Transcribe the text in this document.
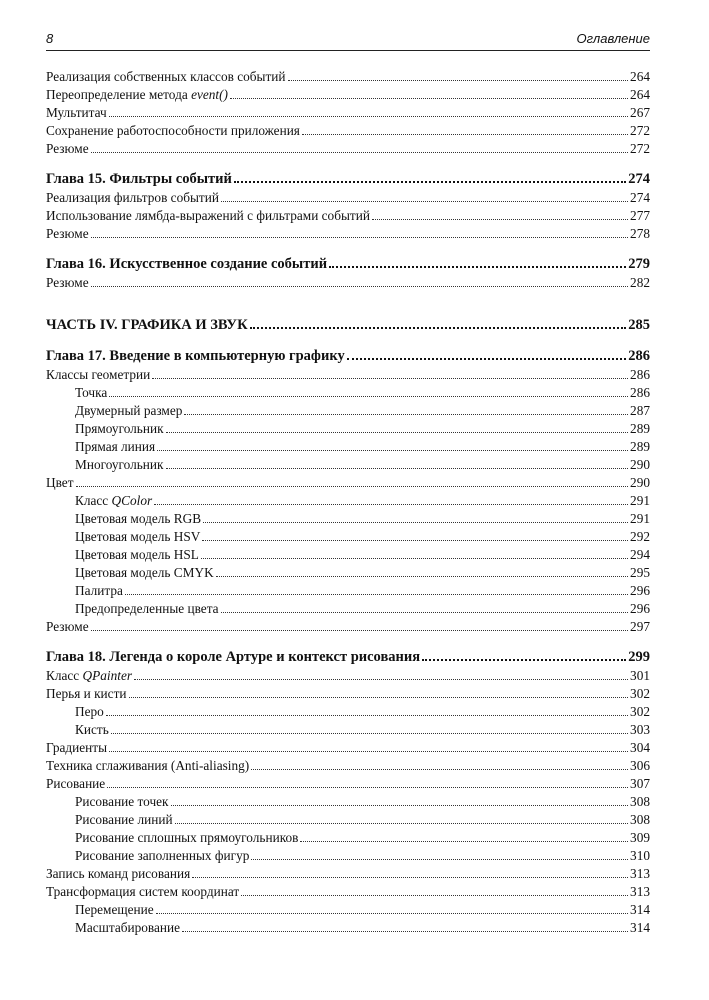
8	Оглавление
Реализация собственных классов событий	264
Переопределение метода event()	264
Мультитач	267
Сохранение работоспособности приложения	272
Резюме	272
Глава 15. Фильтры событий	274
Реализация фильтров событий	274
Использование лямбда-выражений с фильтрами событий	277
Резюме	278
Глава 16. Искусственное создание событий	279
Резюме	282
ЧАСТЬ IV. ГРАФИКА И ЗВУК	285
Глава 17. Введение в компьютерную графику	286
Классы геометрии	286
Точка	286
Двумерный размер	287
Прямоугольник	289
Прямая линия	289
Многоугольник	290
Цвет	290
Класс QColor	291
Цветовая модель RGB	291
Цветовая модель HSV	292
Цветовая модель HSL	294
Цветовая модель CMYK	295
Палитра	296
Предопределенные цвета	296
Резюме	297
Глава 18. Легенда о короле Артуре и контекст рисования	299
Класс QPainter	301
Перья и кисти	302
Перо	302
Кисть	303
Градиенты	304
Техника сглаживания (Anti-aliasing)	306
Рисование	307
Рисование точек	308
Рисование линий	308
Рисование сплошных прямоугольников	309
Рисование заполненных фигур	310
Запись команд рисования	313
Трансформация систем координат	313
Перемещение	314
Масштабирование	314
